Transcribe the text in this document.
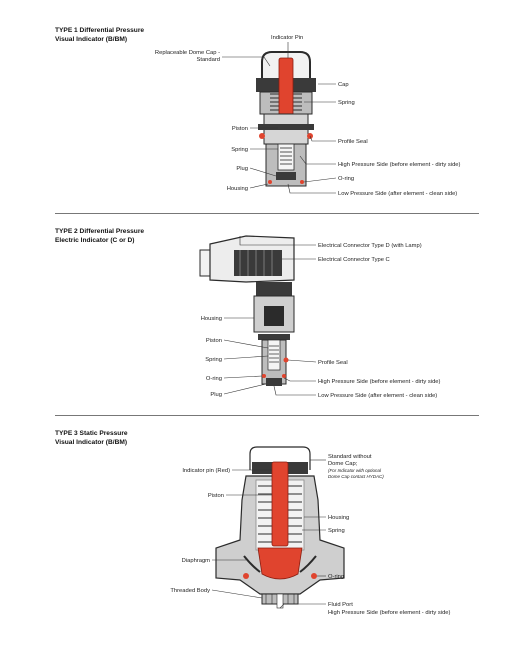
TYPE 1 Differential Pressure
Visual Indicator (B/BM)	Indicator Pin
Replaceable Dome Cap -
Standard
Cap
Spring
Piston
Profile Seal
Spring
High Pressure Side (before element - dirty side)
Plug
O-ring
Housing
Low Pressure Side (after element - clean side)
TYPE 2 Differential Pressure
Electric Indicator (C or D)
Electrical Connector Type D (with Lamp)
Electrical Connector Type C
Housing
Piston
Spring	Profile Seal
O-ring	High Pressure Side (before element - dirty side)
Plug	Low Pressure Side (after element - clean side)
TYPE 3 Static Pressure
Visual Indicator (B/BM)
Standard without
Dome Cap;
(For Indicator with optional
Dome Cap contact HYDAC)
Indicator pin (Red)
Piston
Housing
Spring
Diaphragm
O-ring
Threaded Body
Fluid Port
High Pressure Side (before element - dirty side)
